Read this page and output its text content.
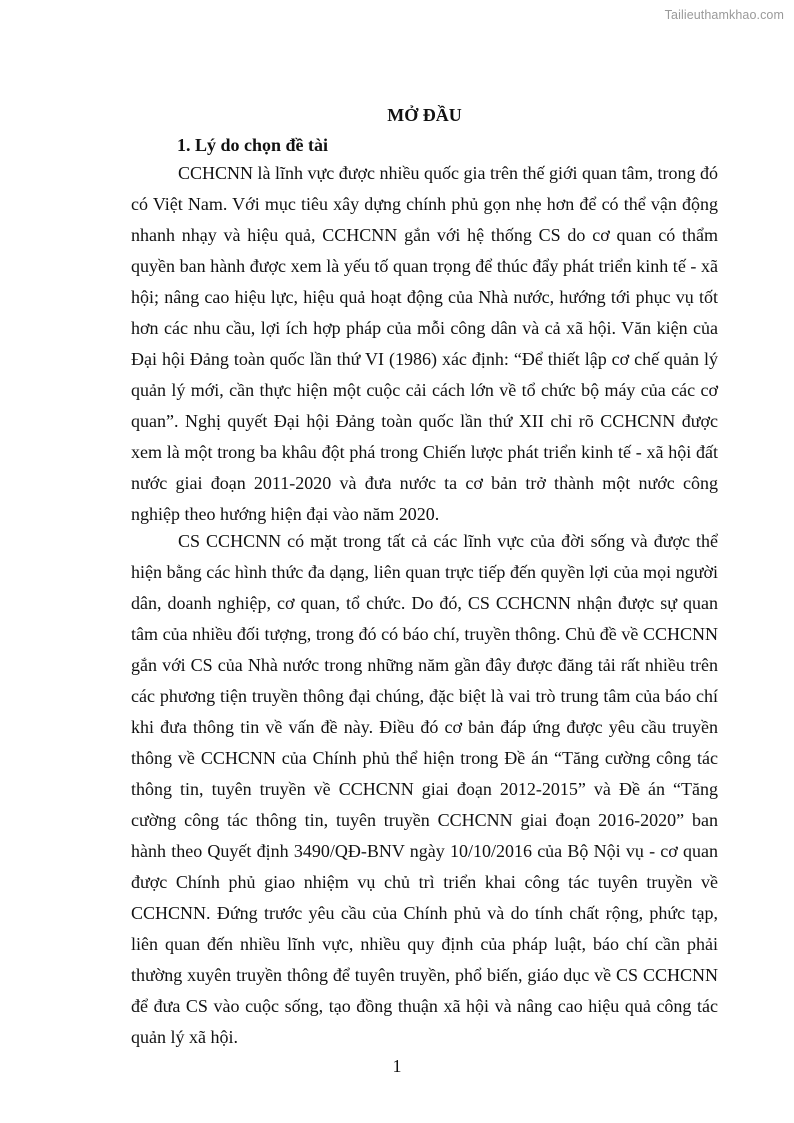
Tailieuthamkhao.com
MỞ ĐẦU
1. Lý do chọn đề tài

CCHCNN là lĩnh vực được nhiều quốc gia trên thế giới quan tâm, trong đó có Việt Nam. Với mục tiêu xây dựng chính phủ gọn nhẹ hơn để có thể vận động nhanh nhạy và hiệu quả, CCHCNN gắn với hệ thống CS do cơ quan có thẩm quyền ban hành được xem là yếu tố quan trọng để thúc đẩy phát triển kinh tế - xã hội; nâng cao hiệu lực, hiệu quả hoạt động của Nhà nước, hướng tới phục vụ tốt hơn các nhu cầu, lợi ích hợp pháp của mỗi công dân và cả xã hội. Văn kiện của Đại hội Đảng toàn quốc lần thứ VI (1986) xác định: “Để thiết lập cơ chế quản lý quản lý mới, cần thực hiện một cuộc cải cách lớn về tổ chức bộ máy của các cơ quan”. Nghị quyết Đại hội Đảng toàn quốc lần thứ XII chỉ rõ CCHCNN được xem là một trong ba khâu đột phá trong Chiến lược phát triển kinh tế - xã hội đất nước giai đoạn 2011-2020 và đưa nước ta cơ bản trở thành một nước công nghiệp theo hướng hiện đại vào năm 2020.

CS CCHCNN có mặt trong tất cả các lĩnh vực của đời sống và được thể hiện bằng các hình thức đa dạng, liên quan trực tiếp đến quyền lợi của mọi người dân, doanh nghiệp, cơ quan, tổ chức. Do đó, CS CCHCNN nhận được sự quan tâm của nhiều đối tượng, trong đó có báo chí, truyền thông. Chủ đề về CCHCNN gắn với CS của Nhà nước trong những năm gần đây được đăng tải rất nhiều trên các phương tiện truyền thông đại chúng, đặc biệt là vai trò trung tâm của báo chí khi đưa thông tin về vấn đề này. Điều đó cơ bản đáp ứng được yêu cầu truyền thông về CCHCNN của Chính phủ thể hiện trong Đề án “Tăng cường công tác thông tin, tuyên truyền về CCHCNN giai đoạn 2012-2015” và Đề án “Tăng cường công tác thông tin, tuyên truyền CCHCNN giai đoạn 2016-2020” ban hành theo Quyết định 3490/QĐ-BNV ngày 10/10/2016 của Bộ Nội vụ - cơ quan được Chính phủ giao nhiệm vụ chủ trì triển khai công tác tuyên truyền về CCHCNN. Đứng trước yêu cầu của Chính phủ và do tính chất rộng, phức tạp, liên quan đến nhiều lĩnh vực, nhiều quy định của pháp luật, báo chí cần phải thường xuyên truyền thông để tuyên truyền, phổ biến, giáo dục về CS CCHCNN để đưa CS vào cuộc sống, tạo đồng thuận xã hội và nâng cao hiệu quả công tác quản lý xã hội.

1
